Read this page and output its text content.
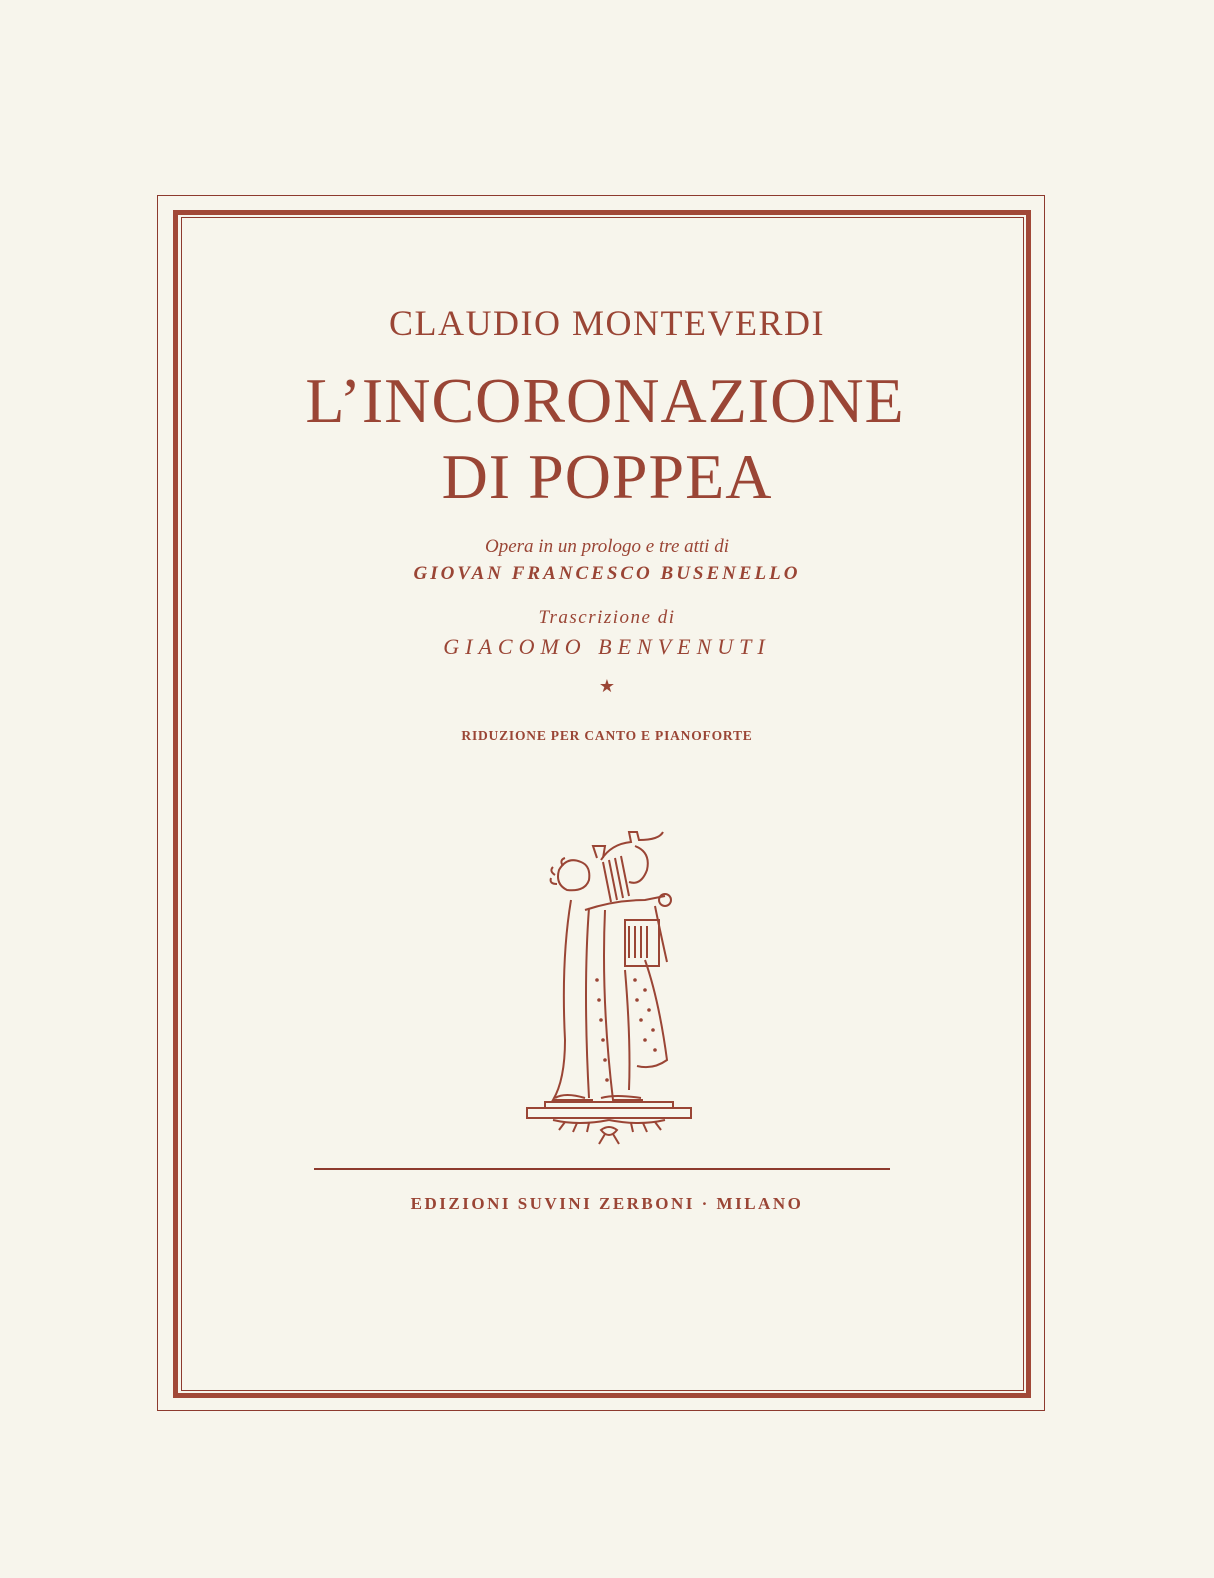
CLAUDIO MONTEVERDI
L’INCORONAZIONE
DI POPPEA
Opera in un prologo e tre atti di
GIOVAN FRANCESCO BUSENELLO
Trascrizione di
GIACOMO BENVENUTI
★
RIDUZIONE PER CANTO E PIANOFORTE
EDIZIONI SUVINI ZERBONI · MILANO
